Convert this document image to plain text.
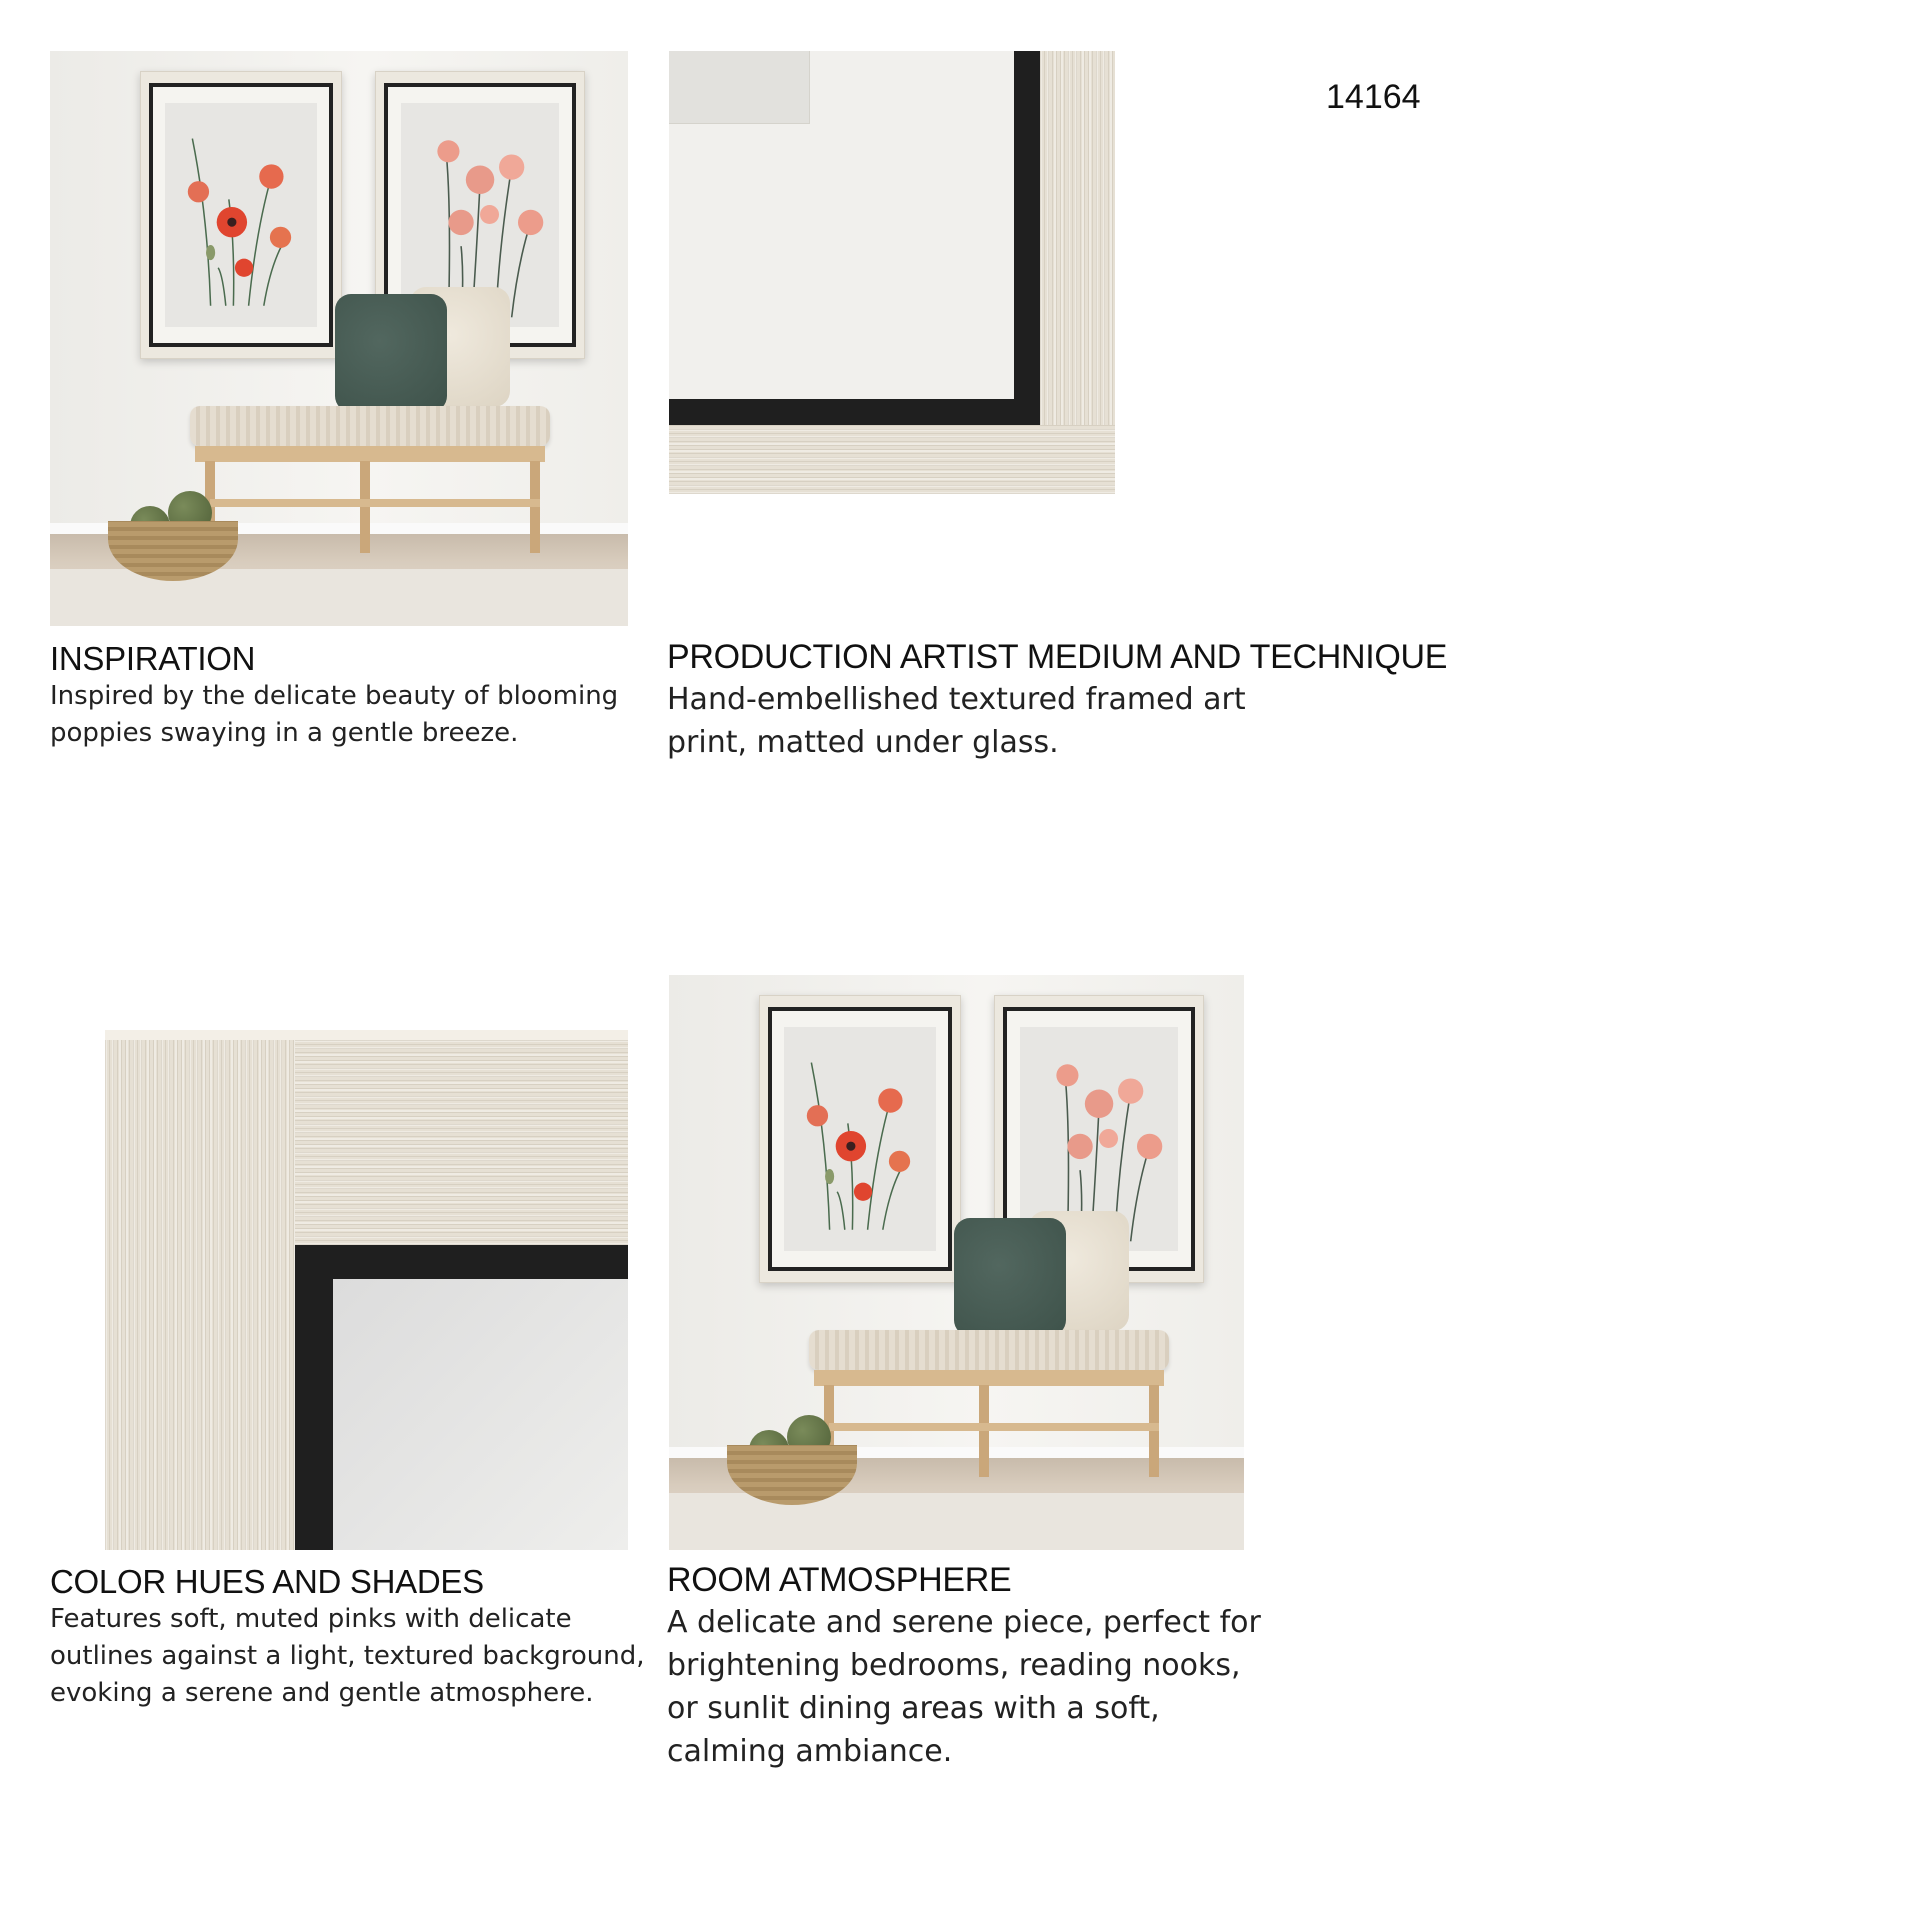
14164
INSPIRATION
Inspired by the delicate beauty of blooming
poppies swaying in a gentle breeze.
PRODUCTION ARTIST MEDIUM AND TECHNIQUE
Hand-embellished textured framed art
print, matted under glass.
COLOR HUES AND SHADES
Features soft, muted pinks with delicate
outlines against a light, textured background,
evoking a serene and gentle atmosphere.
ROOM ATMOSPHERE
A delicate and serene piece, perfect for
brightening bedrooms, reading nooks,
or sunlit dining areas with a soft,
calming ambiance.
